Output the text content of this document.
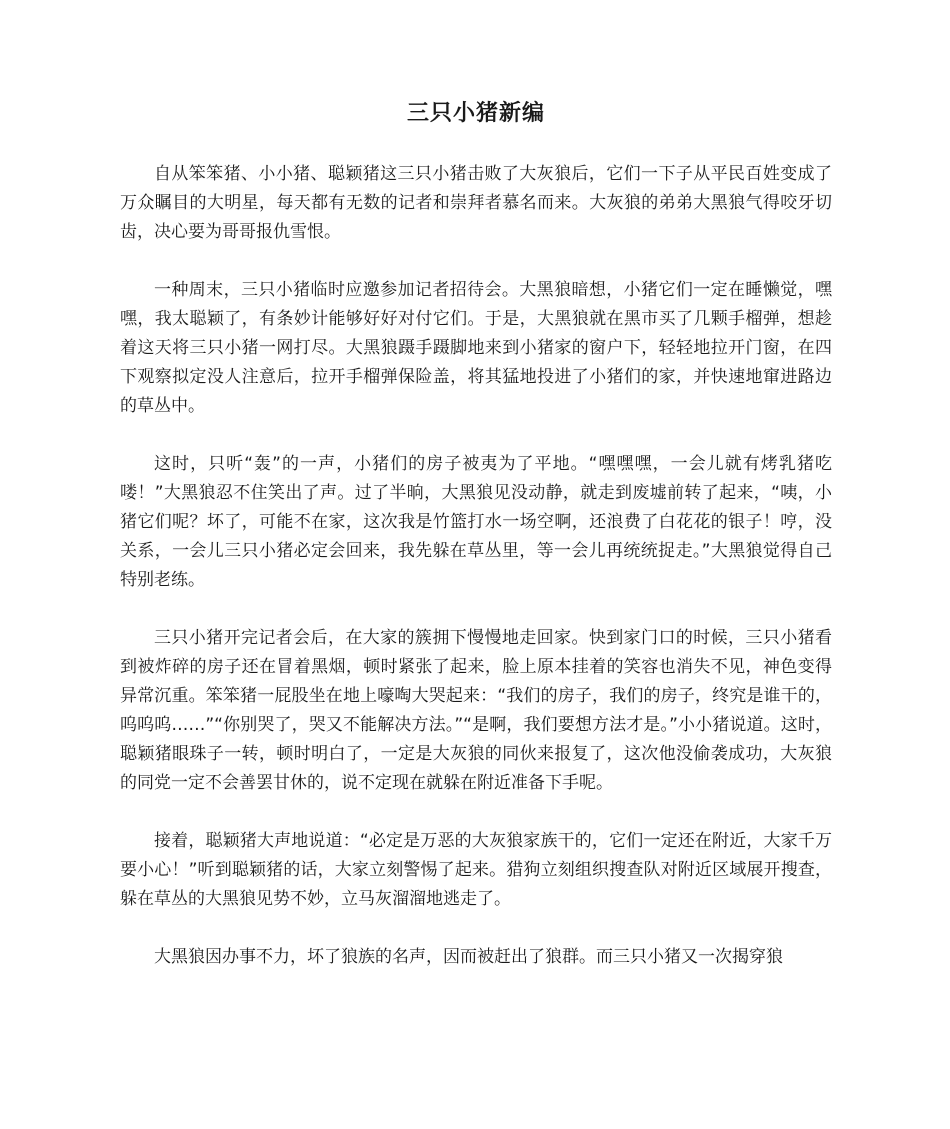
三只小猪新编

自从笨笨猪、小小猪、聪颖猪这三只小猪击败了大灰狼后，它们一下子从平民百姓变成了万众瞩目的大明星，每天都有无数的记者和崇拜者慕名而来。大灰狼的弟弟大黑狼气得咬牙切齿，决心要为哥哥报仇雪恨。

一种周末，三只小猪临时应邀参加记者招待会。大黑狼暗想，小猪它们一定在睡懒觉，嘿嘿，我太聪颖了，有条妙计能够好好对付它们。于是，大黑狼就在黑市买了几颗手榴弹，想趁着这天将三只小猪一网打尽。大黑狼蹑手蹑脚地来到小猪家的窗户下，轻轻地拉开门窗，在四下观察拟定没人注意后，拉开手榴弹保险盖，将其猛地投进了小猪们的家，并快速地窜进路边的草丛中。

这时，只听“轰”的一声，小猪们的房子被夷为了平地。“嘿嘿嘿，一会儿就有烤乳猪吃喽！”大黑狼忍不住笑出了声。过了半晌，大黑狼见没动静，就走到废墟前转了起来，“咦，小猪它们呢？坏了，可能不在家，这次我是竹篮打水一场空啊，还浪费了白花花的银子！哼，没关系，一会儿三只小猪必定会回来，我先躲在草丛里，等一会儿再统统捉走。”大黑狼觉得自己特别老练。

三只小猪开完记者会后，在大家的簇拥下慢慢地走回家。快到家门口的时候，三只小猪看到被炸碎的房子还在冒着黑烟，顿时紧张了起来，脸上原本挂着的笑容也消失不见，神色变得异常沉重。笨笨猪一屁股坐在地上嚎啕大哭起来：“我们的房子，我们的房子，终究是谁干的，呜呜呜……”“你别哭了，哭又不能解决方法。”“是啊，我们要想方法才是。”小小猪说道。这时，聪颖猪眼珠子一转，顿时明白了，一定是大灰狼的同伙来报复了，这次他没偷袭成功，大灰狼的同党一定不会善罢甘休的，说不定现在就躲在附近准备下手呢。

接着，聪颖猪大声地说道：“必定是万恶的大灰狼家族干的，它们一定还在附近，大家千万要小心！”听到聪颖猪的话，大家立刻警惕了起来。猎狗立刻组织搜查队对附近区域展开搜查，躲在草丛的大黑狼见势不妙，立马灰溜溜地逃走了。

大黑狼因办事不力，坏了狼族的名声，因而被赶出了狼群。而三只小猪又一次揭穿狼
